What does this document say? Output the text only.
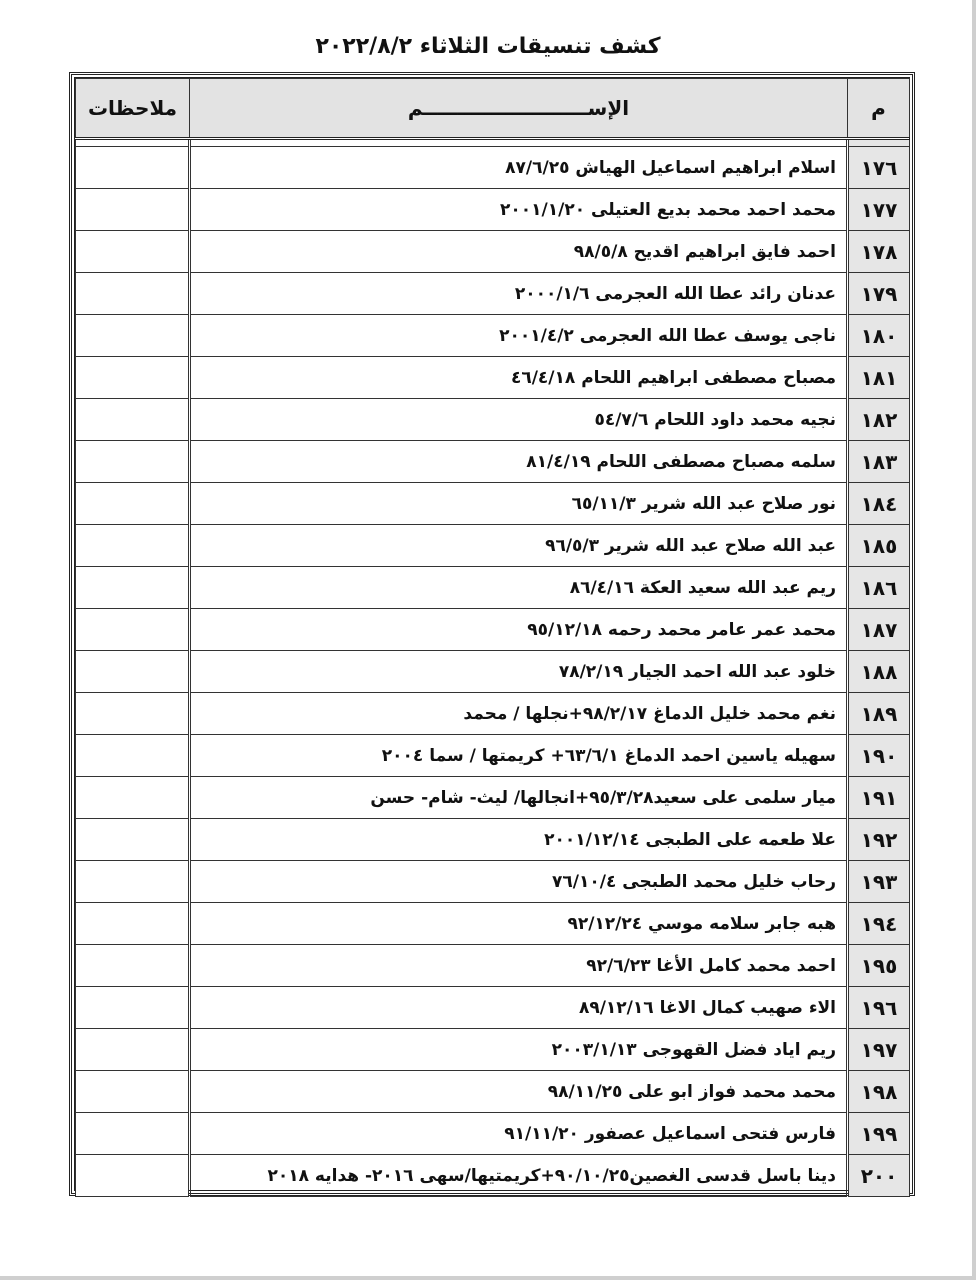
كشف تنسيقات الثلاثاء ٢٠٢٢/٨/٢
م	الإســــــــــــــــــــــــم	ملاحظات

١٧٦	اسلام ابراهيم اسماعيل الهياش ٨٧/٦/٢٥	
١٧٧	محمد احمد محمد بديع العتيلى ٢٠٠١/١/٢٠	
١٧٨	احمد فايق ابراهيم اقديح ٩٨/٥/٨	
١٧٩	عدنان رائد عطا الله العجرمى ٢٠٠٠/١/٦	
١٨٠	ناجى يوسف عطا الله العجرمى ٢٠٠١/٤/٢	
١٨١	مصباح مصطفى ابراهيم اللحام ٤٦/٤/١٨	
١٨٢	نجيه محمد داود اللحام ٥٤/٧/٦	
١٨٣	سلمه مصباح مصطفى اللحام ٨١/٤/١٩	
١٨٤	نور صلاح عبد الله شرير ٦٥/١١/٣	
١٨٥	عبد الله صلاح عبد الله شرير ٩٦/٥/٣	
١٨٦	ريم عبد الله سعيد العكة ٨٦/٤/١٦	
١٨٧	محمد عمر عامر محمد رحمه ٩٥/١٢/١٨	
١٨٨	خلود عبد الله احمد الجيار ٧٨/٢/١٩	
١٨٩	نغم محمد خليل الدماغ ٩٨/٢/١٧+نجلها / محمد	
١٩٠	سهيله ياسين احمد الدماغ ٦٣/٦/١+ كريمتها / سما ٢٠٠٤	
١٩١	ميار سلمى على سعيد٩٥/٣/٢٨+انجالها/ ليث- شام- حسن	
١٩٢	علا طعمه على الطبجى ٢٠٠١/١٢/١٤	
١٩٣	رحاب خليل محمد الطبجى ٧٦/١٠/٤	
١٩٤	هبه جابر سلامه موسي ٩٢/١٢/٢٤	
١٩٥	احمد محمد كامل الأغا ٩٢/٦/٢٣	
١٩٦	الاء صهيب كمال الاغا ٨٩/١٢/١٦	
١٩٧	ريم اياد فضل القهوجى ٢٠٠٣/١/١٣	
١٩٨	محمد محمد فواز ابو على ٩٨/١١/٢٥	
١٩٩	فارس فتحى اسماعيل عصفور ٩١/١١/٢٠	
٢٠٠	دينا باسل قدسى الغصين٩٠/١٠/٢٥+كريمتيها/سهى ٢٠١٦- هدايه ٢٠١٨	
